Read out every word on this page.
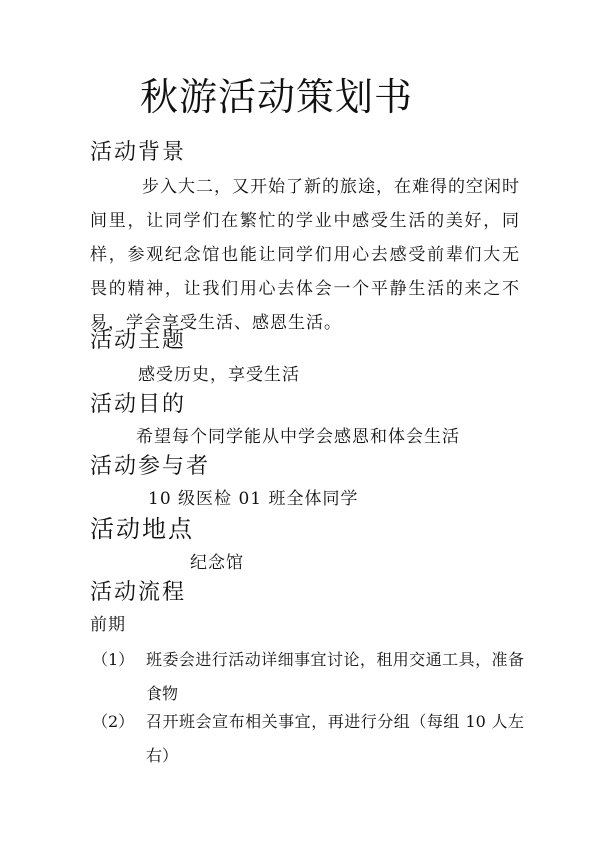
秋游活动策划书
活动背景
步入大二，又开始了新的旅途，在难得的空闲时间里，让同学们在繁忙的学业中感受生活的美好，同样，参观纪念馆也能让同学们用心去感受前辈们大无畏的精神，让我们用心去体会一个平静生活的来之不易，学会享受生活、感恩生活。
活动主题
感受历史，享受生活
活动目的
希望每个同学能从中学会感恩和体会生活
活动参与者
10 级医检 01 班全体同学
活动地点
纪念馆
活动流程
前期
（1） 班委会进行活动详细事宜讨论，租用交通工具，准备食物
（2） 召开班会宣布相关事宜，再进行分组（每组 10 人左右）
